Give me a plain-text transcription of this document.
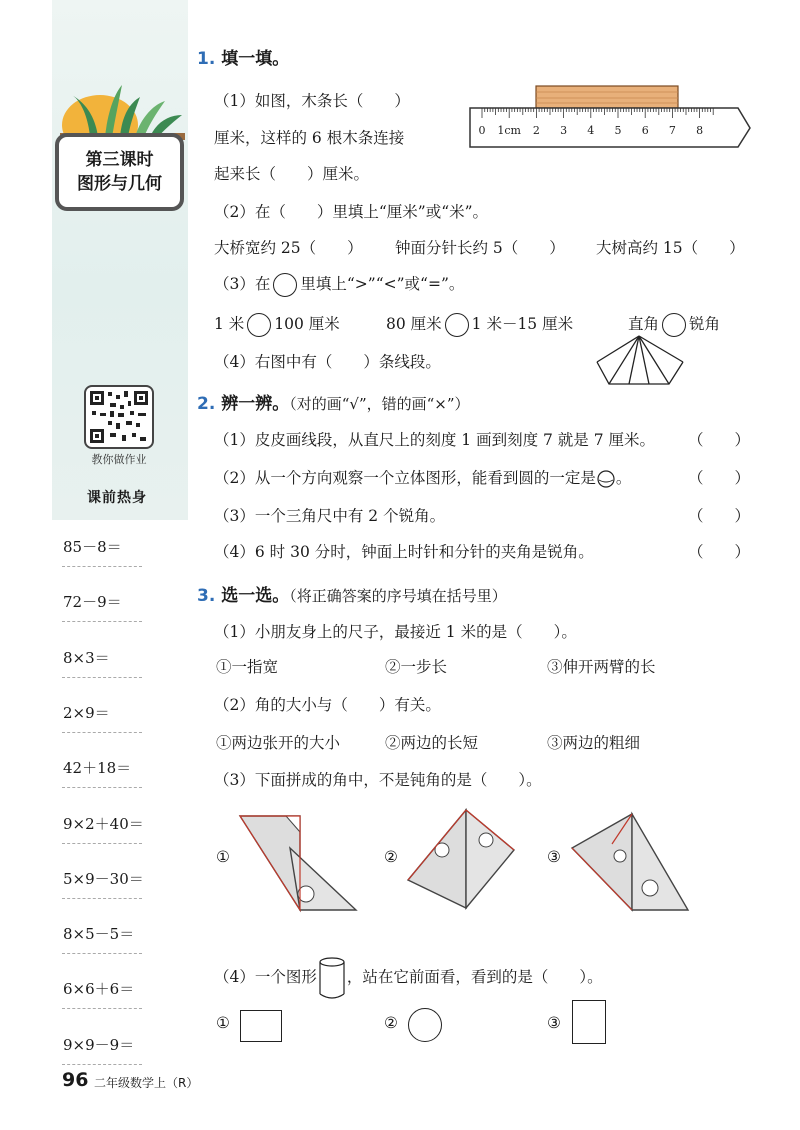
第三课时
图形与几何
教你做作业
课前热身
85－8＝
72－9＝
8×3＝
2×9＝
42＋18＝
9×2＋40＝
5×9－30＝
8×5－5＝
6×6＋6＝
9×9－9＝
1. 填一填。
（1）如图，木条长（　　）
厘米，这样的 6 根木条连接
起来长（　　）厘米。
0 1cm 2 3 4 5 6 7 8
（2）在（　　）里填上“厘米”或“米”。
大桥宽约 25（　　） 钟面分针长约 5（　　） 大树高约 15（　　）
（3）在 里填上“>”“<”或“=”。
1 米 100 厘米	80 厘米 1 米－15 厘米	直角 锐角
（4）右图中有（　　）条线段。
2. 辨一辨。（对的画“√”，错的画“×”）
（1）皮皮画线段，从直尺上的刻度 1 画到刻度 7 就是 7 厘米。
（2）从一个方向观察一个立体图形，能看到圆的一定是 。
（3）一个三角尺中有 2 个锐角。
（4）6 时 30 分时，钟面上时针和分针的夹角是锐角。
（　　）
（　　）
（　　）
（　　）
3. 选一选。（将正确答案的序号填在括号里）
（1）小朋友身上的尺子，最接近 1 米的是（　　）。
①一指宽	②一步长	③伸开两臂的长
（2）角的大小与（　　）有关。
①两边张开的大小	②两边的长短	③两边的粗细
（3）下面拼成的角中，不是钝角的是（　　）。
①	②	③
（4）一个图形 ，站在它前面看，看到的是（　　）。
①	②	③
96 二年级数学上（R）
